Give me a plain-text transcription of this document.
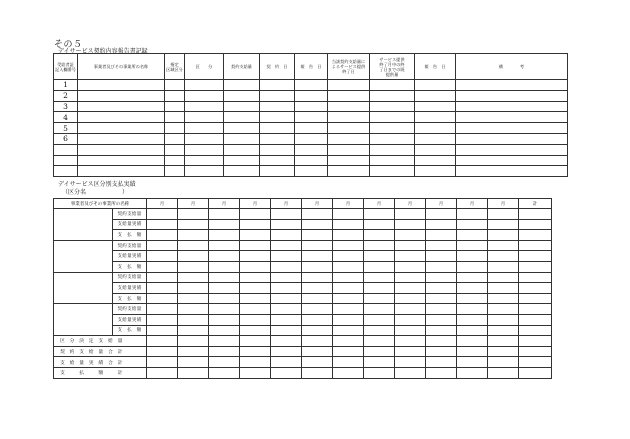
その５
デイサービス契約内容報告書記録
受給者証
記入欄番号	事業者及びその事業所の名称	指定
区域区分	区　　分	契約支給量	契　約　日	報　告　日	当該契約支給量に
よるサービス提供
終了日	サービス提供
終了月中の終
了日までの既
提供量	報　告　日	備　　　　考
1										
2										
3										
4										
5										
6										

デイサービス区分別支払実績
（区分名　　　　　　）
事業者及びその事業所の名称		月	月	月	月	月	月	月	月	月	月	月	月	計
	契約支給量													
	支給量実績													
	支　払　額													
	契約支給量													
	支給量実績													
	支　払　額													
	契約支給量													
	支給量実績													
	支　払　額													
	契約支給量													
	支給量実績													
	支　払　額													
区　分　決　定　支　給　量														
契　約　支　給　量　合　計														
支　給　量　実　績　合　計														
支　　　払　　　額　　　計														
